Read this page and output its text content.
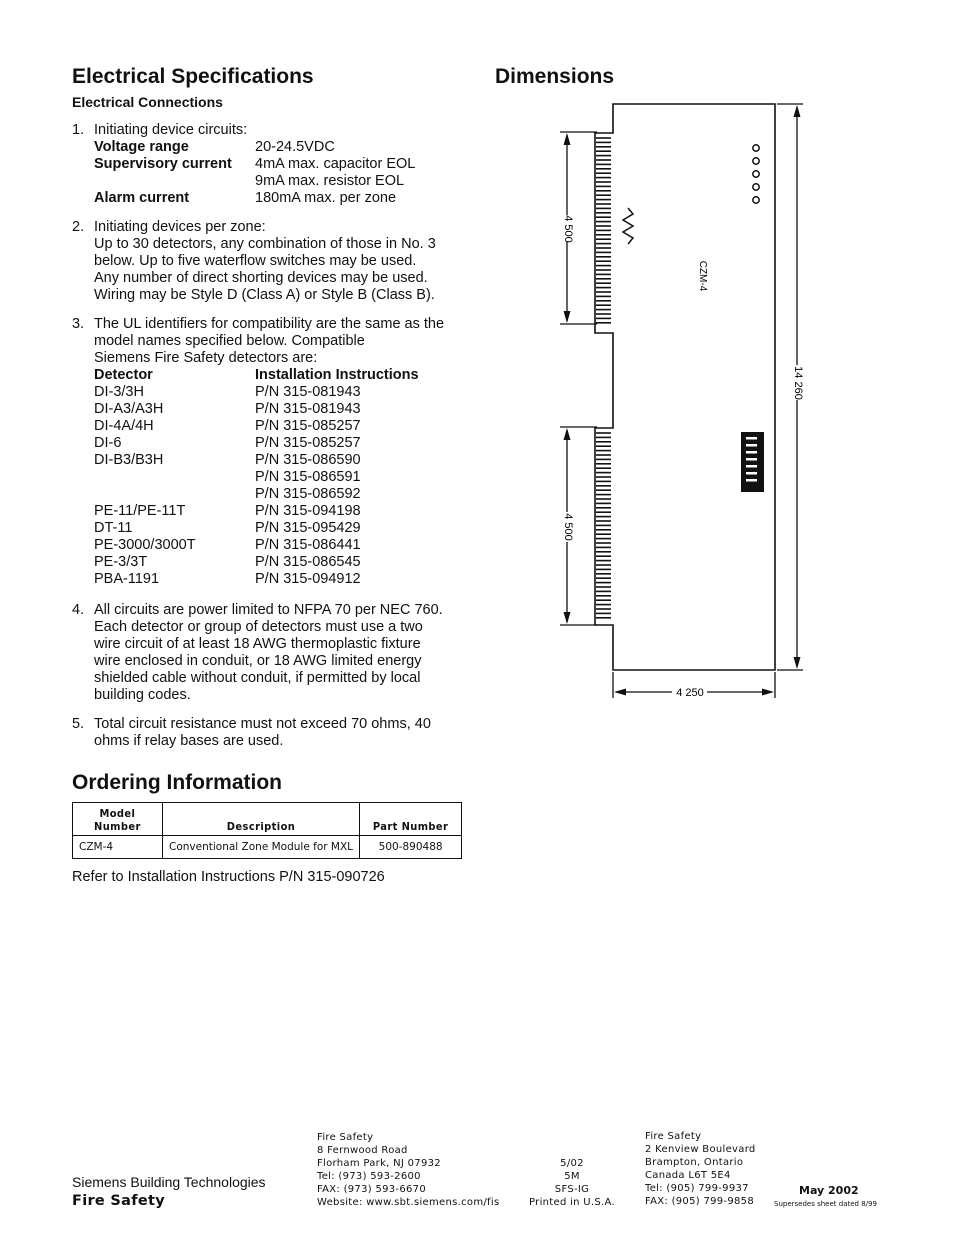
Electrical Specifications
Electrical Connections
1. Initiating device circuits:
Voltage range	20-24.5VDC
Supervisory current	4mA max. capacitor EOL
9mA max. resistor EOL
Alarm current	180mA max. per zone
2. Initiating devices per zone:
Up to 30 detectors, any combination of those in No. 3
below. Up to five waterflow switches may be used.
Any number of direct shorting devices may be used.
Wiring may be Style D (Class A) or Style B (Class B).
3. The UL identifiers for compatibility are the same as the
model names specified below. Compatible
Siemens Fire Safety detectors are:
Detector	Installation Instructions
DI-3/3H	P/N 315-081943
DI-A3/A3H	P/N 315-081943
DI-4A/4H	P/N 315-085257
DI-6	P/N 315-085257
DI-B3/B3H	P/N 315-086590
P/N 315-086591
P/N 315-086592
PE-11/PE-11T	P/N 315-094198
DT-11	P/N 315-095429
PE-3000/3000T	P/N 315-086441
PE-3/3T	P/N 315-086545
PBA-1191	P/N 315-094912
4. All circuits are power limited to NFPA 70 per NEC 760.
Each detector or group of detectors must use a two
wire circuit of at least 18 AWG thermoplastic fixture
wire enclosed in conduit, or 18 AWG limited energy
shielded cable without conduit, if permitted by local
building codes.
5. Total circuit resistance must not exceed 70 ohms, 40
ohms if relay bases are used.
Ordering Information
Model
Number	Description	Part Number
CZM-4	Conventional Zone Module for MXL	500-890488
Refer to Installation Instructions P/N 315-090726
Dimensions
CZM-4
4 500
4 500
14 260
4 250
Siemens Building Technologies
Fire Safety
Fire Safety
8 Fernwood Road
Florham Park, NJ 07932
Tel: (973) 593-2600
FAX: (973) 593-6670
Website: www.sbt.siemens.com/fis
5/02
5M
SFS-IG
Printed in U.S.A.
Fire Safety
2 Kenview Boulevard
Brampton, Ontario
Canada L6T 5E4
Tel: (905) 799-9937
FAX: (905) 799-9858
May 2002
Supersedes sheet dated 8/99
